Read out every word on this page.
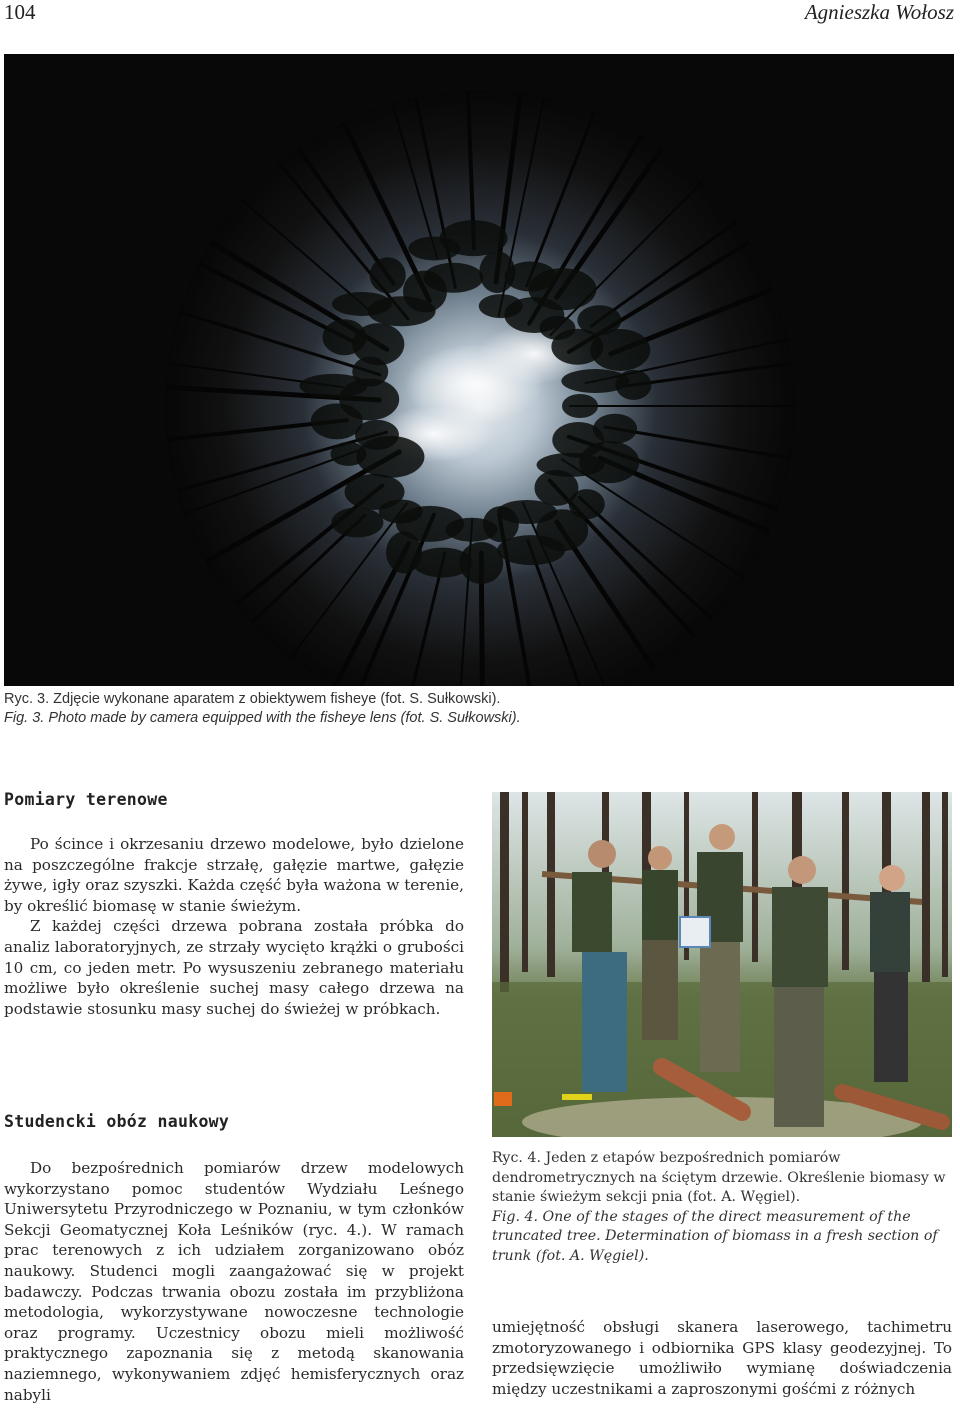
104	Agnieszka Wołosz
Ryc. 3. Zdjęcie wykonane aparatem z obiektywem fisheye (fot. S. Sułkowski).
Fig. 3. Photo made by camera equipped with the fisheye lens (fot. S. Sułkowski).
Pomiary terenowe

Po ścince i okrzesaniu drzewo modelowe, było dzielone na poszczególne frakcje strzałę, gałęzie martwe, gałęzie żywe, igły oraz szyszki. Każda część była ważona w terenie, by określić biomasę w stanie świeżym.

Z każdej części drzewa pobrana została próbka do analiz laboratoryjnych, ze strzały wycięto krążki o grubości 10 cm, co jeden metr. Po wysuszeniu zebranego materiału możliwe było określenie suchej masy całego drzewa na podstawie stosunku masy suchej do świeżej w próbkach.

Studencki obóz naukowy

Do bezpośrednich pomiarów drzew modelowych wykorzystano pomoc studentów Wydziału Leśnego Uniwersytetu Przyrodniczego w Poznaniu, w tym członków Sekcji Geomatycznej Koła Leśników (ryc. 4.). W ramach prac terenowych z ich udziałem zorganizowano obóz naukowy. Studenci mogli zaangażować się w projekt badawczy. Podczas trwania obozu została im przybliżona metodologia, wykorzystywane nowoczesne technologie oraz programy. Uczestnicy obozu mieli możliwość praktycznego zapoznania się z metodą skanowania naziemnego, wykonywaniem zdjęć hemisferycznych oraz nabyli

Ryc. 4. Jeden z etapów bezpośrednich pomiarów dendrometrycznych na ściętym drzewie. Określenie biomasy w stanie świeżym sekcji pnia (fot. A. Węgiel).
Fig. 4. One of the stages of the direct measurement of the truncated tree. Determination of biomass in a fresh section of trunk (fot. A. Węgiel).
umiejętność obsługi skanera laserowego, tachimetru zmotoryzowanego i odbiornika GPS klasy geodezyjnej. To przedsięwzięcie umożliwiło wymianę doświadczenia między uczestnikami a zaproszonymi gośćmi z różnych
